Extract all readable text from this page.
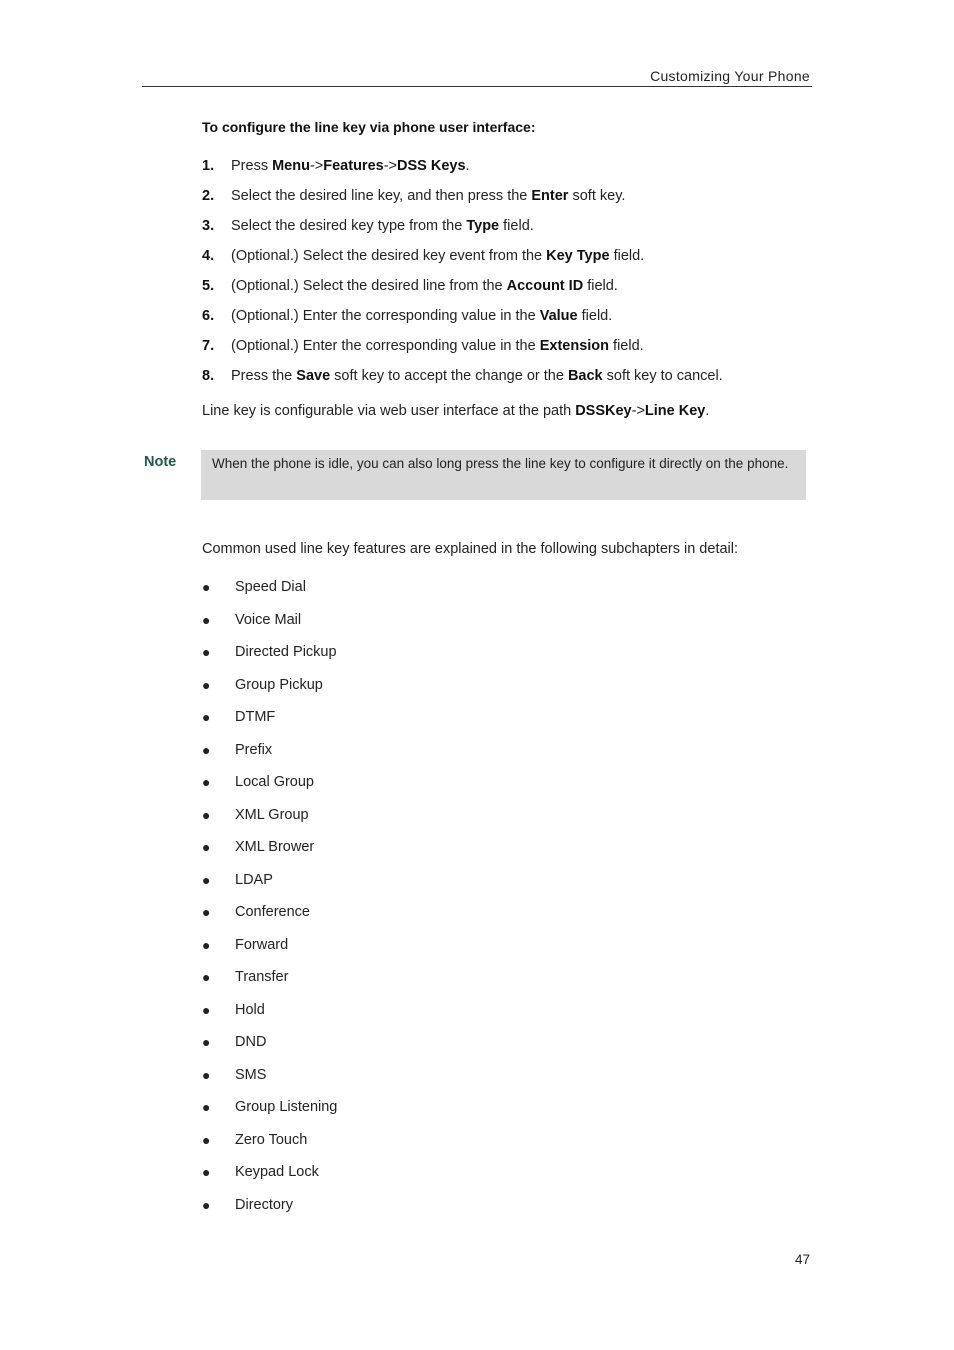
Customizing Your Phone
To configure the line key via phone user interface:
1. Press Menu->Features->DSS Keys.
2. Select the desired line key, and then press the Enter soft key.
3. Select the desired key type from the Type field.
4. (Optional.) Select the desired key event from the Key Type field.
5. (Optional.) Select the desired line from the Account ID field.
6. (Optional.) Enter the corresponding value in the Value field.
7. (Optional.) Enter the corresponding value in the Extension field.
8. Press the Save soft key to accept the change or the Back soft key to cancel.
Line key is configurable via web user interface at the path DSSKey->Line Key.
Note	When the phone is idle, you can also long press the line key to configure it directly on the phone.
Common used line key features are explained in the following subchapters in detail:
● Speed Dial
● Voice Mail
● Directed Pickup
● Group Pickup
● DTMF
● Prefix
● Local Group
● XML Group
● XML Brower
● LDAP
● Conference
● Forward
● Transfer
● Hold
● DND
● SMS
● Group Listening
● Zero Touch
● Keypad Lock
● Directory
47
